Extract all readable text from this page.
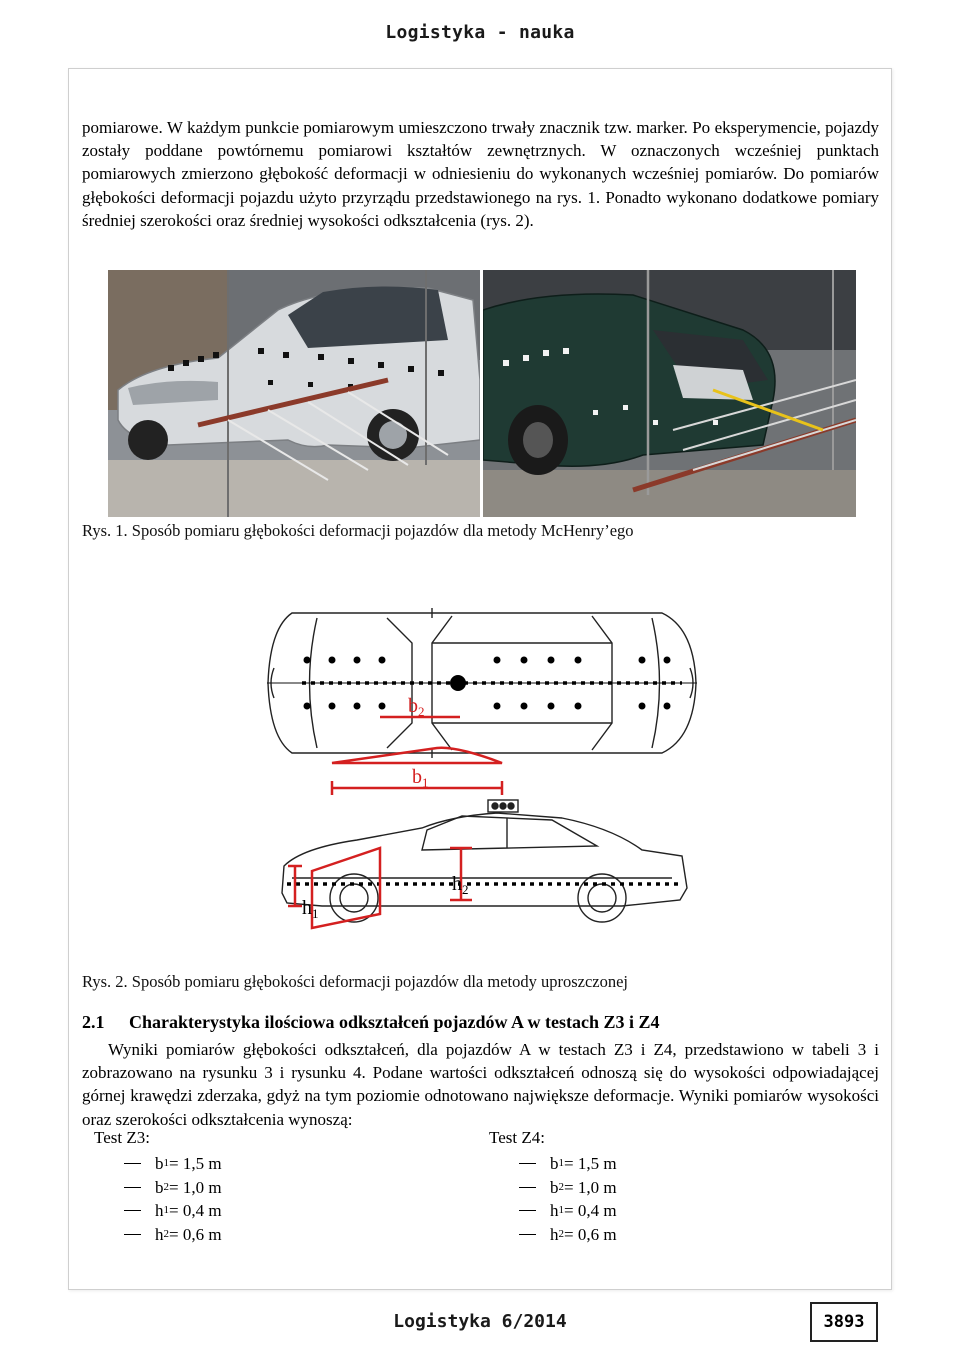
Logistyka - nauka

pomiarowe. W każdym punkcie pomiarowym umieszczono trwały znacznik tzw. marker. Po eksperymencie, pojazdy zostały poddane powtórnemu pomiarowi kształtów zewnętrznych. W oznaczonych wcześniej punktach pomiarowych zmierzono głębokość deformacji w odniesieniu do wykonanych wcześniej pomiarów. Do pomiarów głębokości deformacji pojazdu użyto przyrządu przedstawionego na rys. 1. Ponadto wykonano dodatkowe pomiary średniej szerokości oraz średniej wysokości odkształcenia (rys. 2).

Rys. 1. Sposób pomiaru głębokości deformacji pojazdów dla metody McHenry’ego
$b_2$
$b_1$
$h_1$
$h_2$
Rys. 2. Sposób pomiaru głębokości deformacji pojazdów dla metody uproszczonej
2.1 Charakterystyka ilościowa odkształceń pojazdów A w testach Z3 i Z4

Wyniki pomiarów głębokości odkształceń, dla pojazdów A w testach Z3 i Z4, przedstawiono w tabeli 3 i zobrazowano na rysunku 3 i rysunku 4. Podane wartości odkształceń odnoszą się do wysokości odpowiadającej górnej krawędzi zderzaka, gdyż na tym poziomie odnotowano największe deformacje. Wyniki pomiarów wysokości oraz szerokości odkształcenia wynoszą:

Test Z3:
b 1 = 1,5 m
b 2 = 1,0 m
h 1 = 0,4 m
h 2 = 0,6 m
Test Z4:
b 1 = 1,5 m
b 2 = 1,0 m
h 1 = 0,4 m
h 2 = 0,6 m
Logistyka 6/2014	3893
